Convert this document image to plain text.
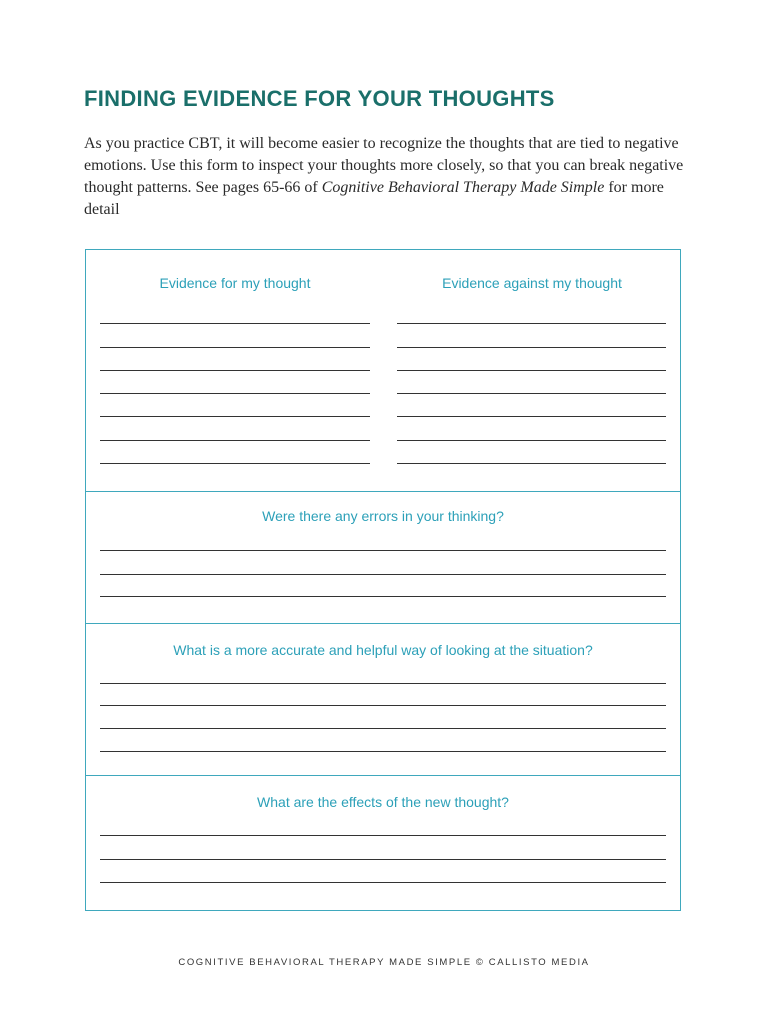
FINDING EVIDENCE FOR YOUR THOUGHTS

As you practice CBT, it will become easier to recognize the thoughts that are tied to negative emotions. Use this form to inspect your thoughts more closely, so that you can break negative thought patterns. See pages 65-66 of Cognitive Behavioral Therapy Made Simple for more detail

Evidence for my thought	Evidence against my thought
Were there any errors in your thinking?
What is a more accurate and helpful way of looking at the situation?
What are the effects of the new thought?
COGNITIVE BEHAVIORAL THERAPY MADE SIMPLE © CALLISTO MEDIA
